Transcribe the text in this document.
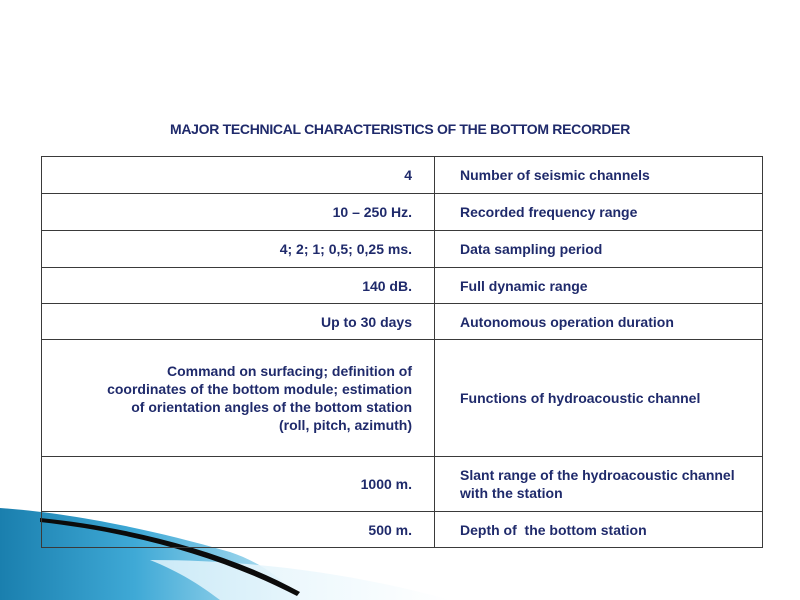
MAJOR TECHNICAL CHARACTERISTICS OF THE BOTTOM RECORDER
4	Number of seismic channels
10 – 250 Hz.	Recorded frequency range
4; 2; 1; 0,5; 0,25 ms.	Data sampling period
140 dB.	Full dynamic range
Up to 30 days	Autonomous operation duration
Command on surfacing; definition of coordinates of the bottom module; estimation of orientation angles of the bottom station
(roll, pitch, azimuth)	Functions of hydroacoustic channel
1000 m.	Slant range of the hydroacoustic channel with the station
500 m.	Depth of  the bottom station
